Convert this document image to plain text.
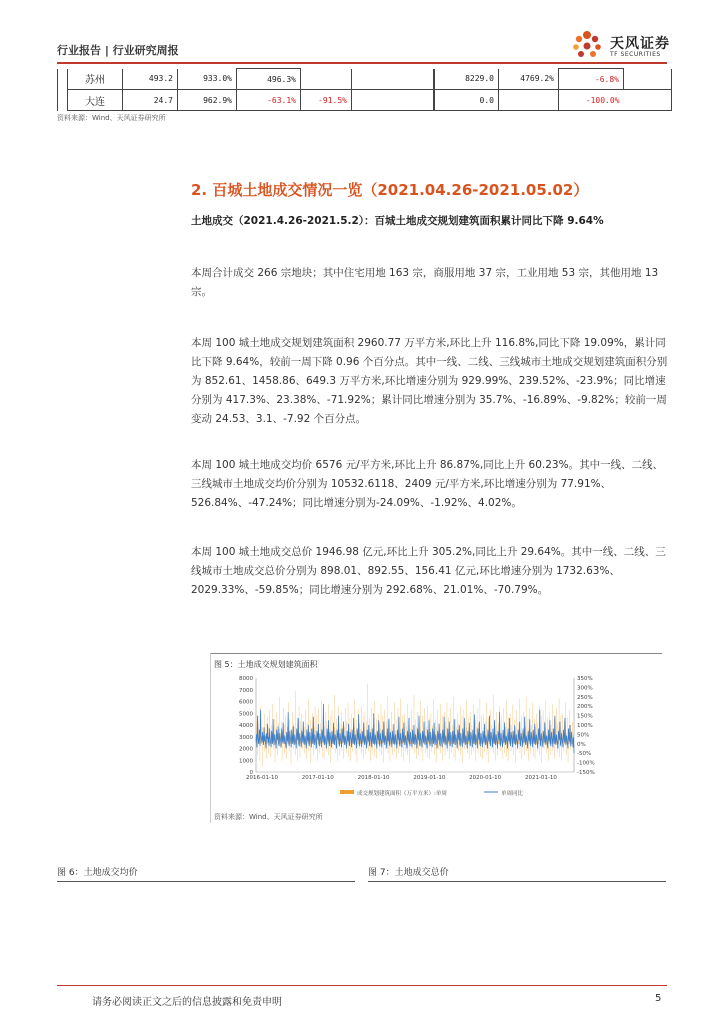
行业报告 | 行业研究周报	天风证券
TF SECURITIES
	苏州	493.2	933.0%	496.3%				8229.0	4769.2%	-6.8%	
	大连	24.7	962.9%	-63.1%	-91.5%			0.0		-100.0%	
资料来源：Wind、天风证券研究所
2. 百城土地成交情况一览（2021.04.26-2021.05.02）
土地成交（2021.4.26-2021.5.2）：百城土地成交规划建筑面积累计同比下降 9.64%
本周合计成交 266 宗地块；其中住宅用地 163 宗，商服用地 37 宗，工业用地 53 宗，其他用地 13 宗。
本周 100 城土地成交规划建筑面积 2960.77 万平方米,环比上升 116.8%,同比下降 19.09%，累计同比下降 9.64%，较前一周下降 0.96 个百分点。其中一线、二线、三线城市土地成交规划建筑面积分别为 852.61、1458.86、649.3 万平方米,环比增速分别为 929.99%、239.52%、-23.9%；同比增速分别为 417.3%、23.38%、-71.92%；累计同比增速分别为 35.7%、-16.89%、-9.82%；较前一周变动 24.53、3.1、-7.92 个百分点。
本周 100 城土地成交均价 6576 元/平方米,环比上升 86.87%,同比上升 60.23%。其中一线、二线、三线城市土地成交均价分别为 10532.6118、2409 元/平方米,环比增速分别为 77.91%、526.84%、-47.24%；同比增速分别为-24.09%、-1.92%、4.02%。
本周 100 城土地成交总价 1946.98 亿元,环比上升 305.2%,同比上升 29.64%。其中一线、二线、三线城市土地成交总价分别为 898.01、892.55、156.41 亿元,环比增速分别为 1732.63%、2029.33%、-59.85%；同比增速分别为 292.68%、21.01%、-70.79%。
图 5：土地成交规划建筑面积
0
1000
2000
3000
4000
5000
6000
7000
8000
-150%
-100%
-50%
0%
50%
100%
150%
200%
250%
300%
350%
2016-01-10	2017-01-10	2018-01-10	2019-01-10	2020-01-10	2021-01-10
成交规划建筑面积（万平方米）:单周	单周同比
资料来源：Wind、天风证券研究所
图 6：土地成交均价	图 7：土地成交总价
请务必阅读正文之后的信息披露和免责申明	5
